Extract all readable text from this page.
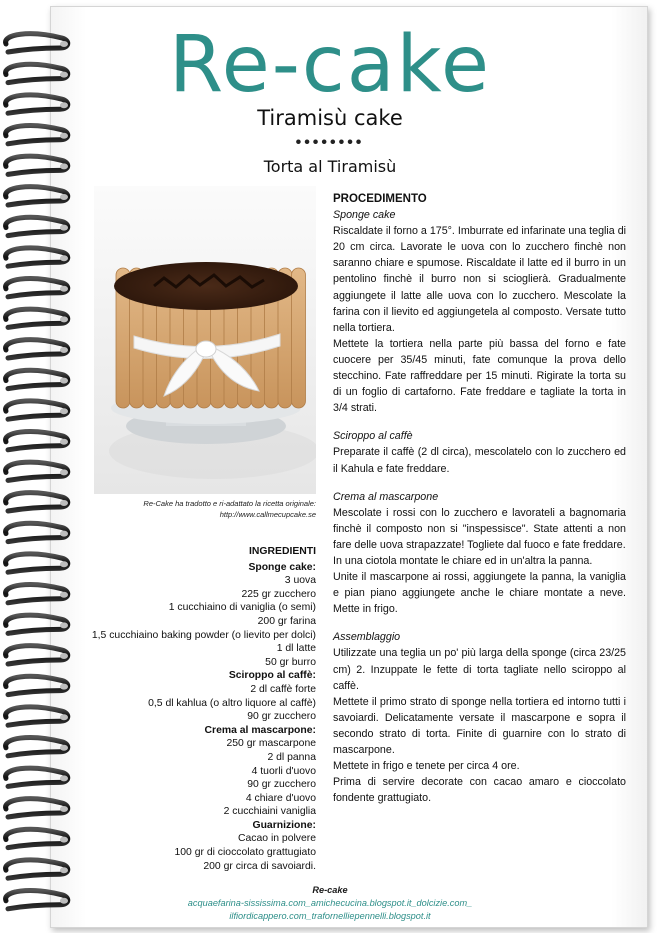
Re-cake
Tiramisù cake
••••••••
Torta al Tiramisù
Re-Cake ha tradotto e ri-adattato la ricetta originale:
http://www.callmecupcake.se
INGREDIENTI
Sponge cake:
3 uova
225 gr zucchero
1 cucchiaino di vaniglia (o semi)
200 gr farina
1,5 cucchiaino baking powder (o lievito per dolci)
1 dl latte
50 gr burro
Sciroppo al caffè:
2 dl caffè forte
0,5 dl kahlua (o altro liquore al caffè)
90 gr zucchero
Crema al mascarpone:
250 gr mascarpone
2 dl panna
4 tuorli d'uovo
90 gr zucchero
4 chiare d'uovo
2 cucchiaini vaniglia
Guarnizione:
Cacao in polvere
100 gr di cioccolato grattugiato
200 gr circa di savoiardi.
PROCEDIMENTO
Sponge cake

Riscaldate il forno a 175°. Imburrate ed infarinate una teglia di 20 cm circa. Lavorate le uova con lo zucchero finchè non saranno chiare e spumose. Riscaldate il latte ed il burro in un pentolino finchè il burro non si scioglierà. Gradualmente aggiungete il latte alle uova con lo zucchero. Mescolate la farina con il lievito ed aggiungetela al composto. Versate tutto nella tortiera.

Mettete la tortiera nella parte più bassa del forno e fate cuocere per 35/45 minuti, fate comunque la prova dello stecchino. Fate raffreddare per 15 minuti. Rigirate la torta su di un foglio di cartaforno. Fate freddare e tagliate la torta in 3/4 strati.

Sciroppo al caffè

Preparate il caffè (2 dl circa), mescolatelo con lo zucchero ed il Kahula e fate freddare.

Crema al mascarpone

Mescolate i rossi con lo zucchero e lavorateli a bagnomaria finchè il composto non si "inspessisce". State attenti a non fare delle uova strapazzate! Togliete dal fuoco e fate freddare.

In una ciotola montate le chiare ed in un'altra la panna.

Unite il mascarpone ai rossi, aggiungete la panna, la vaniglia e pian piano aggiungete anche le chiare montate a neve. Mette in frigo.

Assemblaggio

Utilizzate una teglia un po' più larga della sponge (circa 23/25 cm) 2. Inzuppate le fette di torta tagliate nello sciroppo al caffè.

Mettete il primo strato di sponge nella tortiera ed intorno tutti i savoiardi. Delicatamente versate il mascarpone e sopra il secondo strato di torta. Finite di guarnire con lo strato di mascarpone.

Mettete in frigo e tenete per circa 4 ore.

Prima di servire decorate con cacao amaro e cioccolato fondente grattugiato.

Re-cake
acquaefarina-sississima.com_amichecucina.blogspot.it_dolcizie.com_
ilfiordicappero.com_trafornelliepennelli.blogspot.it
